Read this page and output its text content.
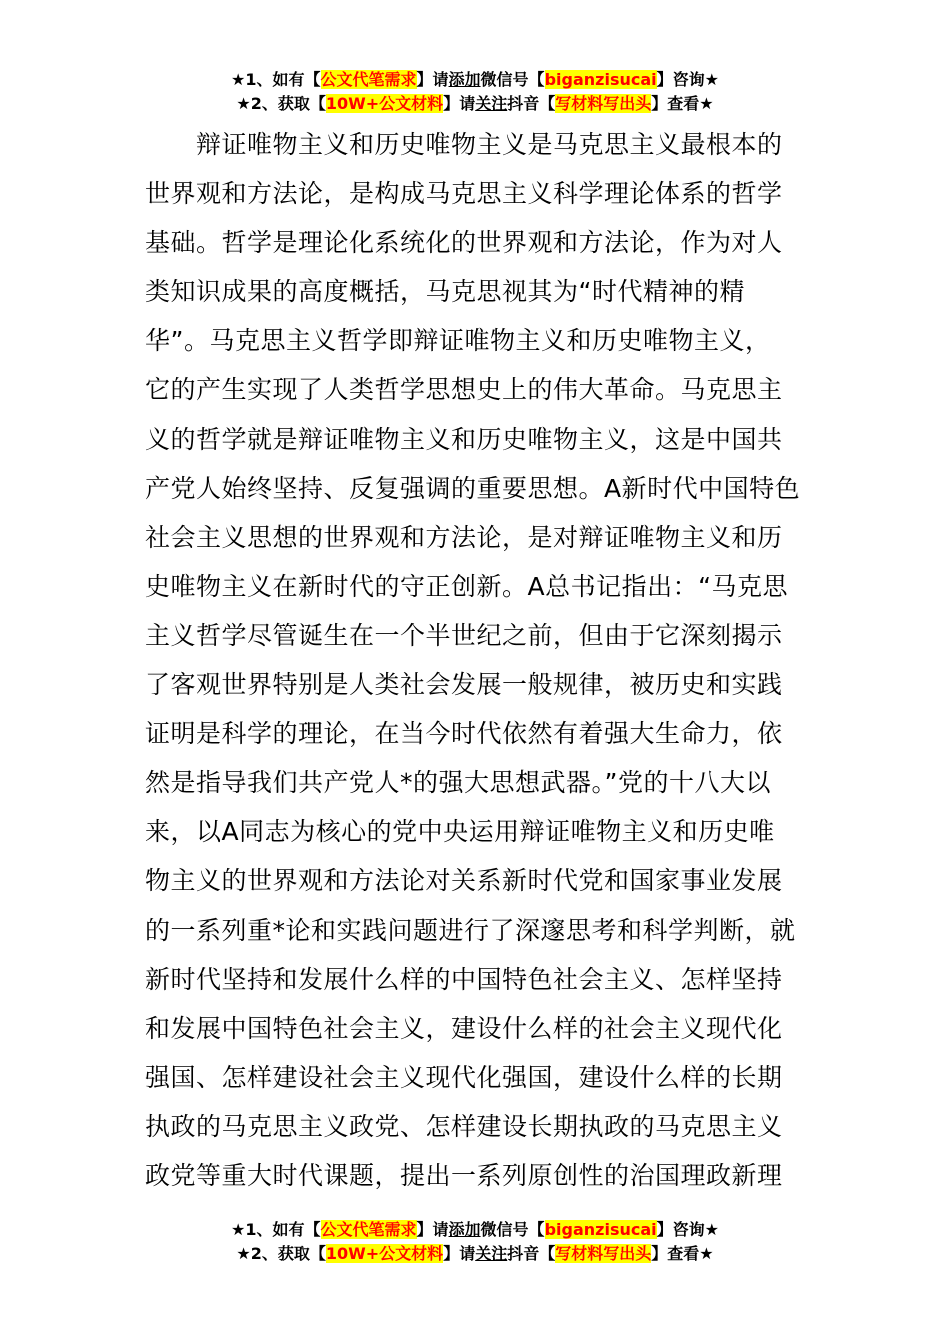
★1、如有【公文代笔需求】请添加微信号【biganzisucai】咨询★
★2、获取【10W+公文材料】请关注抖音【写材料写出头】查看★
　　辩证唯物主义和历史唯物主义是马克思主义最根本的
世界观和方法论，是构成马克思主义科学理论体系的哲学
基础。哲学是理论化系统化的世界观和方法论，作为对人
类知识成果的高度概括，马克思视其为“时代精神的精
华”。马克思主义哲学即辩证唯物主义和历史唯物主义，
它的产生实现了人类哲学思想史上的伟大革命。马克思主
义的哲学就是辩证唯物主义和历史唯物主义，这是中国共
产党人始终坚持、反复强调的重要思想。A新时代中国特色
社会主义思想的世界观和方法论，是对辩证唯物主义和历
史唯物主义在新时代的守正创新。A总书记指出：“马克思
主义哲学尽管诞生在一个半世纪之前，但由于它深刻揭示
了客观世界特别是人类社会发展一般规律，被历史和实践
证明是科学的理论，在当今时代依然有着强大生命力，依
然是指导我们共产党人*的强大思想武器。”党的十八大以
来，以A同志为核心的党中央运用辩证唯物主义和历史唯
物主义的世界观和方法论对关系新时代党和国家事业发展
的一系列重*论和实践问题进行了深邃思考和科学判断，就
新时代坚持和发展什么样的中国特色社会主义、怎样坚持
和发展中国特色社会主义，建设什么样的社会主义现代化
强国、怎样建设社会主义现代化强国，建设什么样的长期
执政的马克思主义政党、怎样建设长期执政的马克思主义
政党等重大时代课题，提出一系列原创性的治国理政新理
★1、如有【公文代笔需求】请添加微信号【biganzisucai】咨询★
★2、获取【10W+公文材料】请关注抖音【写材料写出头】查看★
